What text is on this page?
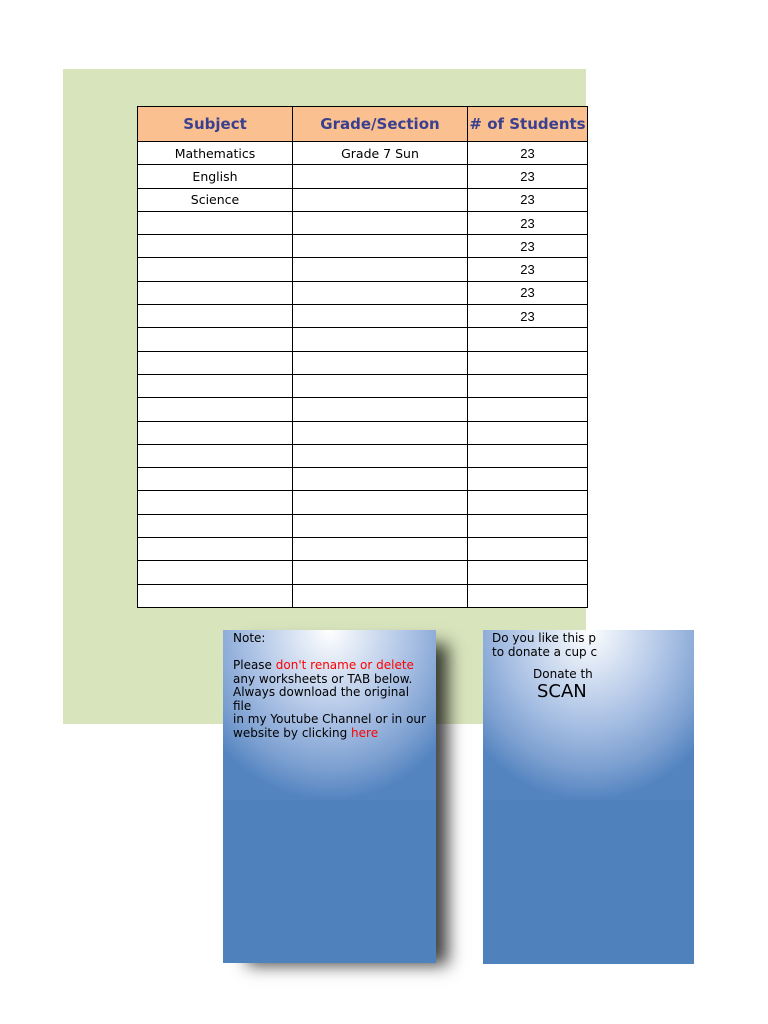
Subject	Grade/Section	# of Students
Mathematics	Grade 7 Sun	23
English		23
Science		23
		23
		23
		23
		23
		23

Note:

Please don't rename or delete

any worksheets or TAB below.

Always download the original file

in my Youtube Channel or in our

website by clicking here

Do you like this p
to donate a cup c
Donate th
SCAN
